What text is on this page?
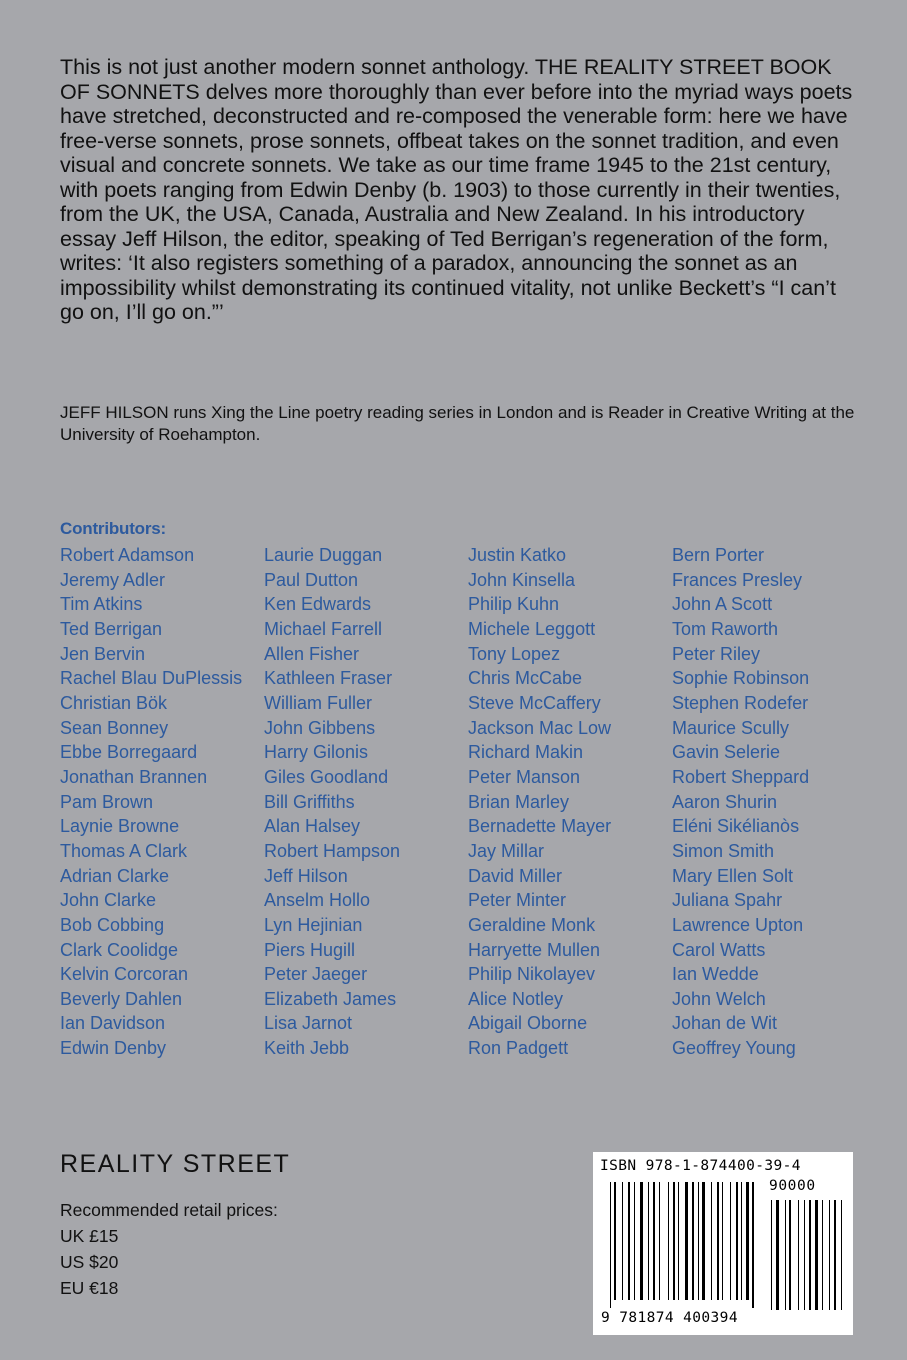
This is not just another modern sonnet anthology. THE REALITY STREET BOOK OF SONNETS delves more thoroughly than ever before into the myriad ways poets have stretched, deconstructed and re-composed the venerable form: here we have free-verse sonnets, prose sonnets, offbeat takes on the sonnet tradition, and even visual and concrete sonnets. We take as our time frame 1945 to the 21st century, with poets ranging from Edwin Denby (b. 1903) to those currently in their twenties, from the UK, the USA, Canada, Australia and New Zealand. In his introductory essay Jeff Hilson, the editor, speaking of Ted Berrigan’s regeneration of the form, writes: ‘It also registers something of a paradox, announcing the sonnet as an impossibility whilst demonstrating its continued vitality, not unlike Beckett’s “I can’t go on, I’ll go on.”’

JEFF HILSON runs Xing the Line poetry reading series in London and is Reader in Creative Writing at the University of Roehampton.

Contributors:

Robert Adamson
Jeremy Adler
Tim Atkins
Ted Berrigan
Jen Bervin
Rachel Blau DuPlessis
Christian Bök
Sean Bonney
Ebbe Borregaard
Jonathan Brannen
Pam Brown
Laynie Browne
Thomas A Clark
Adrian Clarke
John Clarke
Bob Cobbing
Clark Coolidge
Kelvin Corcoran
Beverly Dahlen
Ian Davidson
Edwin Denby
Laurie Duggan
Paul Dutton
Ken Edwards
Michael Farrell
Allen Fisher
Kathleen Fraser
William Fuller
John Gibbens
Harry Gilonis
Giles Goodland
Bill Griffiths
Alan Halsey
Robert Hampson
Jeff Hilson
Anselm Hollo
Lyn Hejinian
Piers Hugill
Peter Jaeger
Elizabeth James
Lisa Jarnot
Keith Jebb
Justin Katko
John Kinsella
Philip Kuhn
Michele Leggott
Tony Lopez
Chris McCabe
Steve McCaffery
Jackson Mac Low
Richard Makin
Peter Manson
Brian Marley
Bernadette Mayer
Jay Millar
David Miller
Peter Minter
Geraldine Monk
Harryette Mullen
Philip Nikolayev
Alice Notley
Abigail Oborne
Ron Padgett
Bern Porter
Frances Presley
John A Scott
Tom Raworth
Peter Riley
Sophie Robinson
Stephen Rodefer
Maurice Scully
Gavin Selerie
Robert Sheppard
Aaron Shurin
Eléni Sikélianòs
Simon Smith
Mary Ellen Solt
Juliana Spahr
Lawrence Upton
Carol Watts
Ian Wedde
John Welch
Johan de Wit
Geoffrey Young

REALITY STREET

Recommended retail prices:
UK £15
US $20
EU €18
ISBN 978-1-874400-39-4
90000
9 781874 400394
